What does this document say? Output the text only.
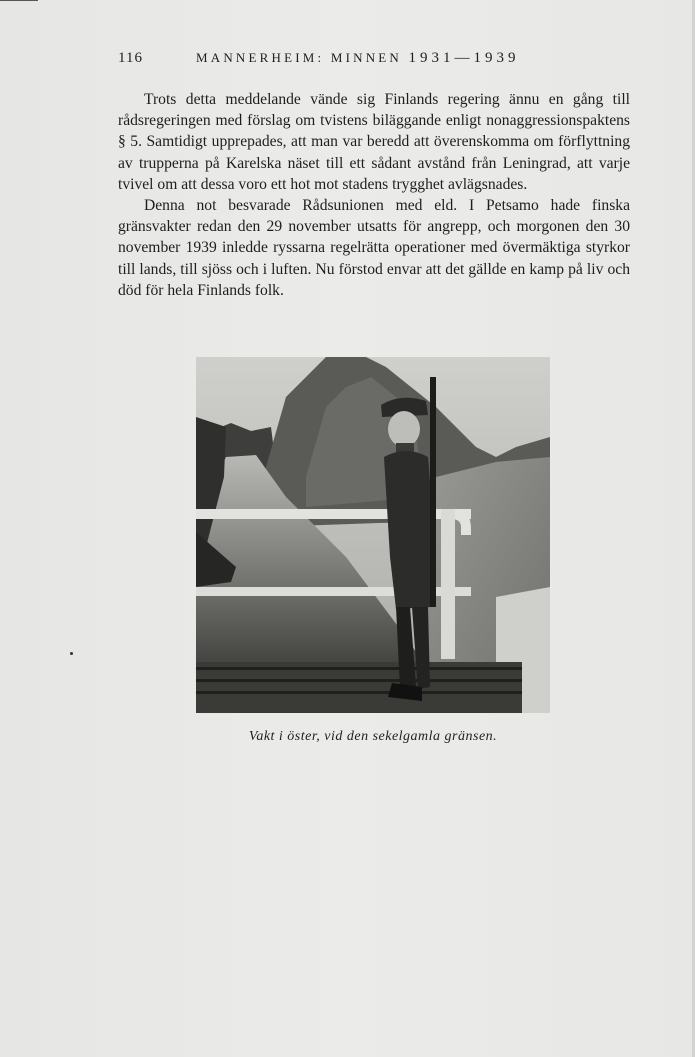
116	MANNERHEIM: MINNEN 1931—1939

Trots detta meddelande vände sig Finlands regering ännu en gång till rådsregeringen med förslag om tvistens biläggande enligt nonaggressionspaktens § 5. Samtidigt upprepades, att man var beredd att överenskomma om förflyttning av trupperna på Karelska näset till ett sådant avstånd från Leningrad, att varje tvivel om att dessa voro ett hot mot stadens trygghet avlägsnades.

Denna not besvarade Rådsunionen med eld. I Petsamo hade finska gränsvakter redan den 29 november utsatts för angrepp, och morgonen den 30 november 1939 inledde ryssarna regelrätta operationer med övermäktiga styrkor till lands, till sjöss och i luften. Nu förstod envar att det gällde en kamp på liv och död för hela Finlands folk.

Vakt i öster, vid den sekelgamla gränsen.
